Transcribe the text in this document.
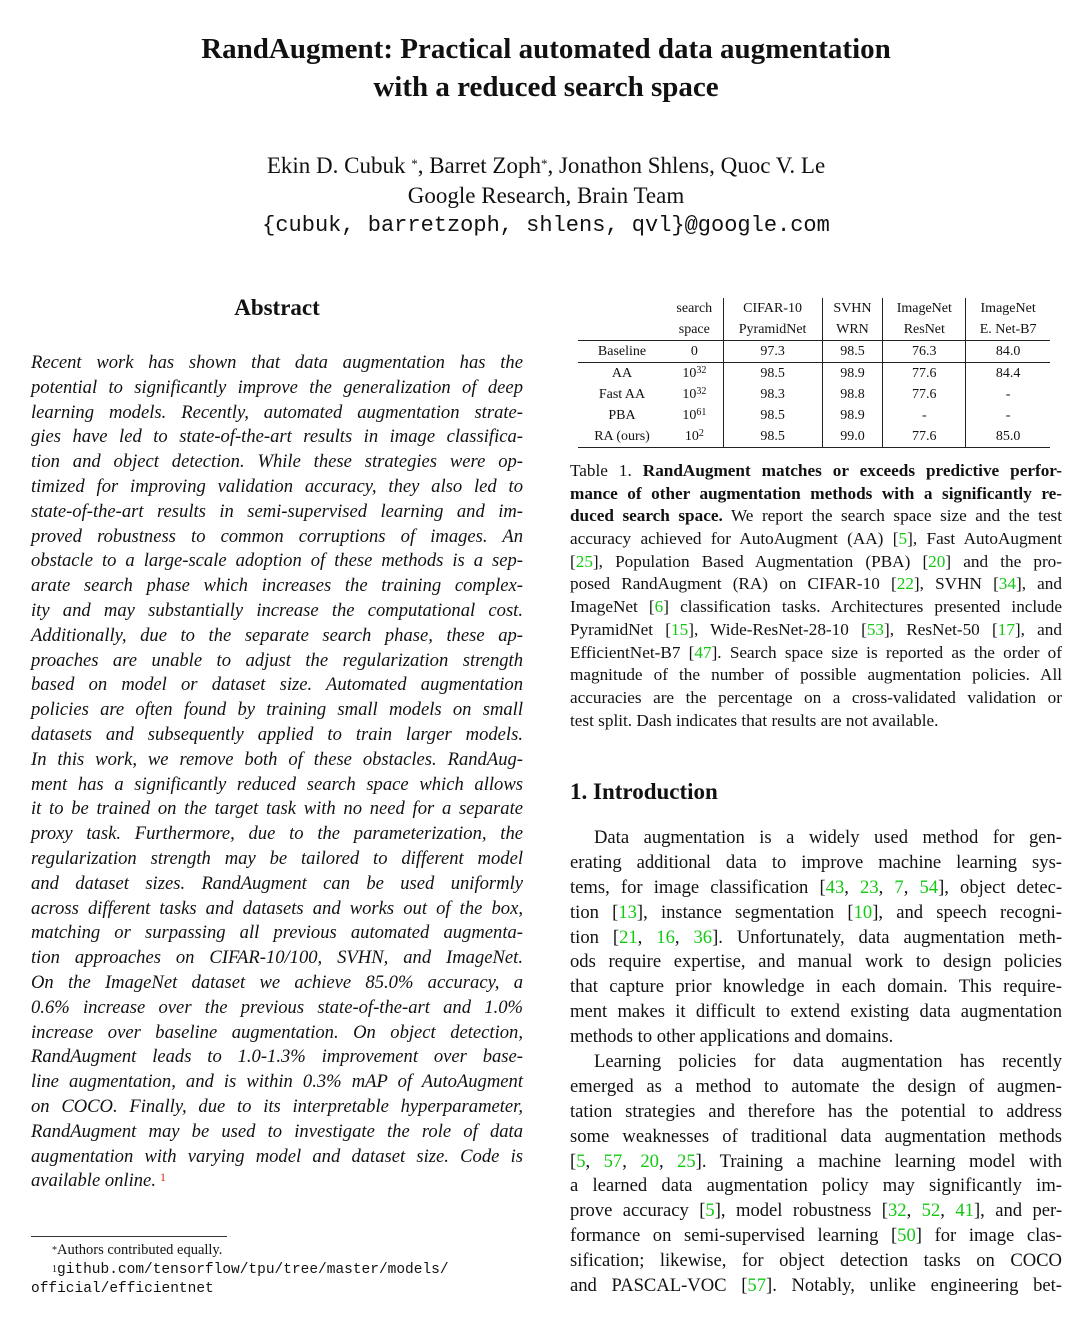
RandAugment: Practical automated data augmentation
with a reduced search space
Ekin D. Cubuk *, Barret Zoph*, Jonathon Shlens, Quoc V. Le
Google Research, Brain Team
{cubuk, barretzoph, shlens, qvl}@google.com
Abstract
Recent work has shown that data augmentation has the
potential to significantly improve the generalization of deep
learning models. Recently, automated augmentation strate-
gies have led to state-of-the-art results in image classifica-
tion and object detection. While these strategies were op-
timized for improving validation accuracy, they also led to
state-of-the-art results in semi-supervised learning and im-
proved robustness to common corruptions of images. An
obstacle to a large-scale adoption of these methods is a sep-
arate search phase which increases the training complex-
ity and may substantially increase the computational cost.
Additionally, due to the separate search phase, these ap-
proaches are unable to adjust the regularization strength
based on model or dataset size. Automated augmentation
policies are often found by training small models on small
datasets and subsequently applied to train larger models.
In this work, we remove both of these obstacles. RandAug-
ment has a significantly reduced search space which allows
it to be trained on the target task with no need for a separate
proxy task. Furthermore, due to the parameterization, the
regularization strength may be tailored to different model
and dataset sizes. RandAugment can be used uniformly
across different tasks and datasets and works out of the box,
matching or surpassing all previous automated augmenta-
tion approaches on CIFAR-10/100, SVHN, and ImageNet.
On the ImageNet dataset we achieve 85.0% accuracy, a
0.6% increase over the previous state-of-the-art and 1.0%
increase over baseline augmentation. On object detection,
RandAugment leads to 1.0-1.3% improvement over base-
line augmentation, and is within 0.3% mAP of AutoAugment
on COCO. Finally, due to its interpretable hyperparameter,
RandAugment may be used to investigate the role of data
augmentation with varying model and dataset size. Code is
available online. $^1$
*Authors contributed equally.
$^1$github.com/tensorflow/tpu/tree/master/models/
official/efficientnet
	search	CIFAR-10	SVHN	ImageNet	ImageNet
	space	PyramidNet	WRN	ResNet	E. Net-B7
Baseline	0	97.3	98.5	76.3	84.0
AA	$10^{32}$	98.5	98.9	77.6	84.4
Fast AA	$10^{32}$	98.3	98.8	77.6	-
PBA	$10^{61}$	98.5	98.9	-	-
RA (ours)	$10^2$	98.5	99.0	77.6	85.0
Table 1. RandAugment matches or exceeds predictive perfor-
mance of other augmentation methods with a significantly re-
duced search space. We report the search space size and the test
accuracy achieved for AutoAugment (AA) [5], Fast AutoAugment
[25], Population Based Augmentation (PBA) [20] and the pro-
posed RandAugment (RA) on CIFAR-10 [22], SVHN [34], and
ImageNet [6] classification tasks. Architectures presented include
PyramidNet [15], Wide-ResNet-28-10 [53], ResNet-50 [17], and
EfficientNet-B7 [47]. Search space size is reported as the order of
magnitude of the number of possible augmentation policies. All
accuracies are the percentage on a cross-validated validation or
test split. Dash indicates that results are not available.
1. Introduction
Data augmentation is a widely used method for gen-
erating additional data to improve machine learning sys-
tems, for image classification [43, 23, 7, 54], object detec-
tion [13], instance segmentation [10], and speech recogni-
tion [21, 16, 36]. Unfortunately, data augmentation meth-
ods require expertise, and manual work to design policies
that capture prior knowledge in each domain. This require-
ment makes it difficult to extend existing data augmentation
methods to other applications and domains.
Learning policies for data augmentation has recently
emerged as a method to automate the design of augmen-
tation strategies and therefore has the potential to address
some weaknesses of traditional data augmentation methods
[5, 57, 20, 25]. Training a machine learning model with
a learned data augmentation policy may significantly im-
prove accuracy [5], model robustness [32, 52, 41], and per-
formance on semi-supervised learning [50] for image clas-
sification; likewise, for object detection tasks on COCO
and PASCAL-VOC [57]. Notably, unlike engineering bet-
